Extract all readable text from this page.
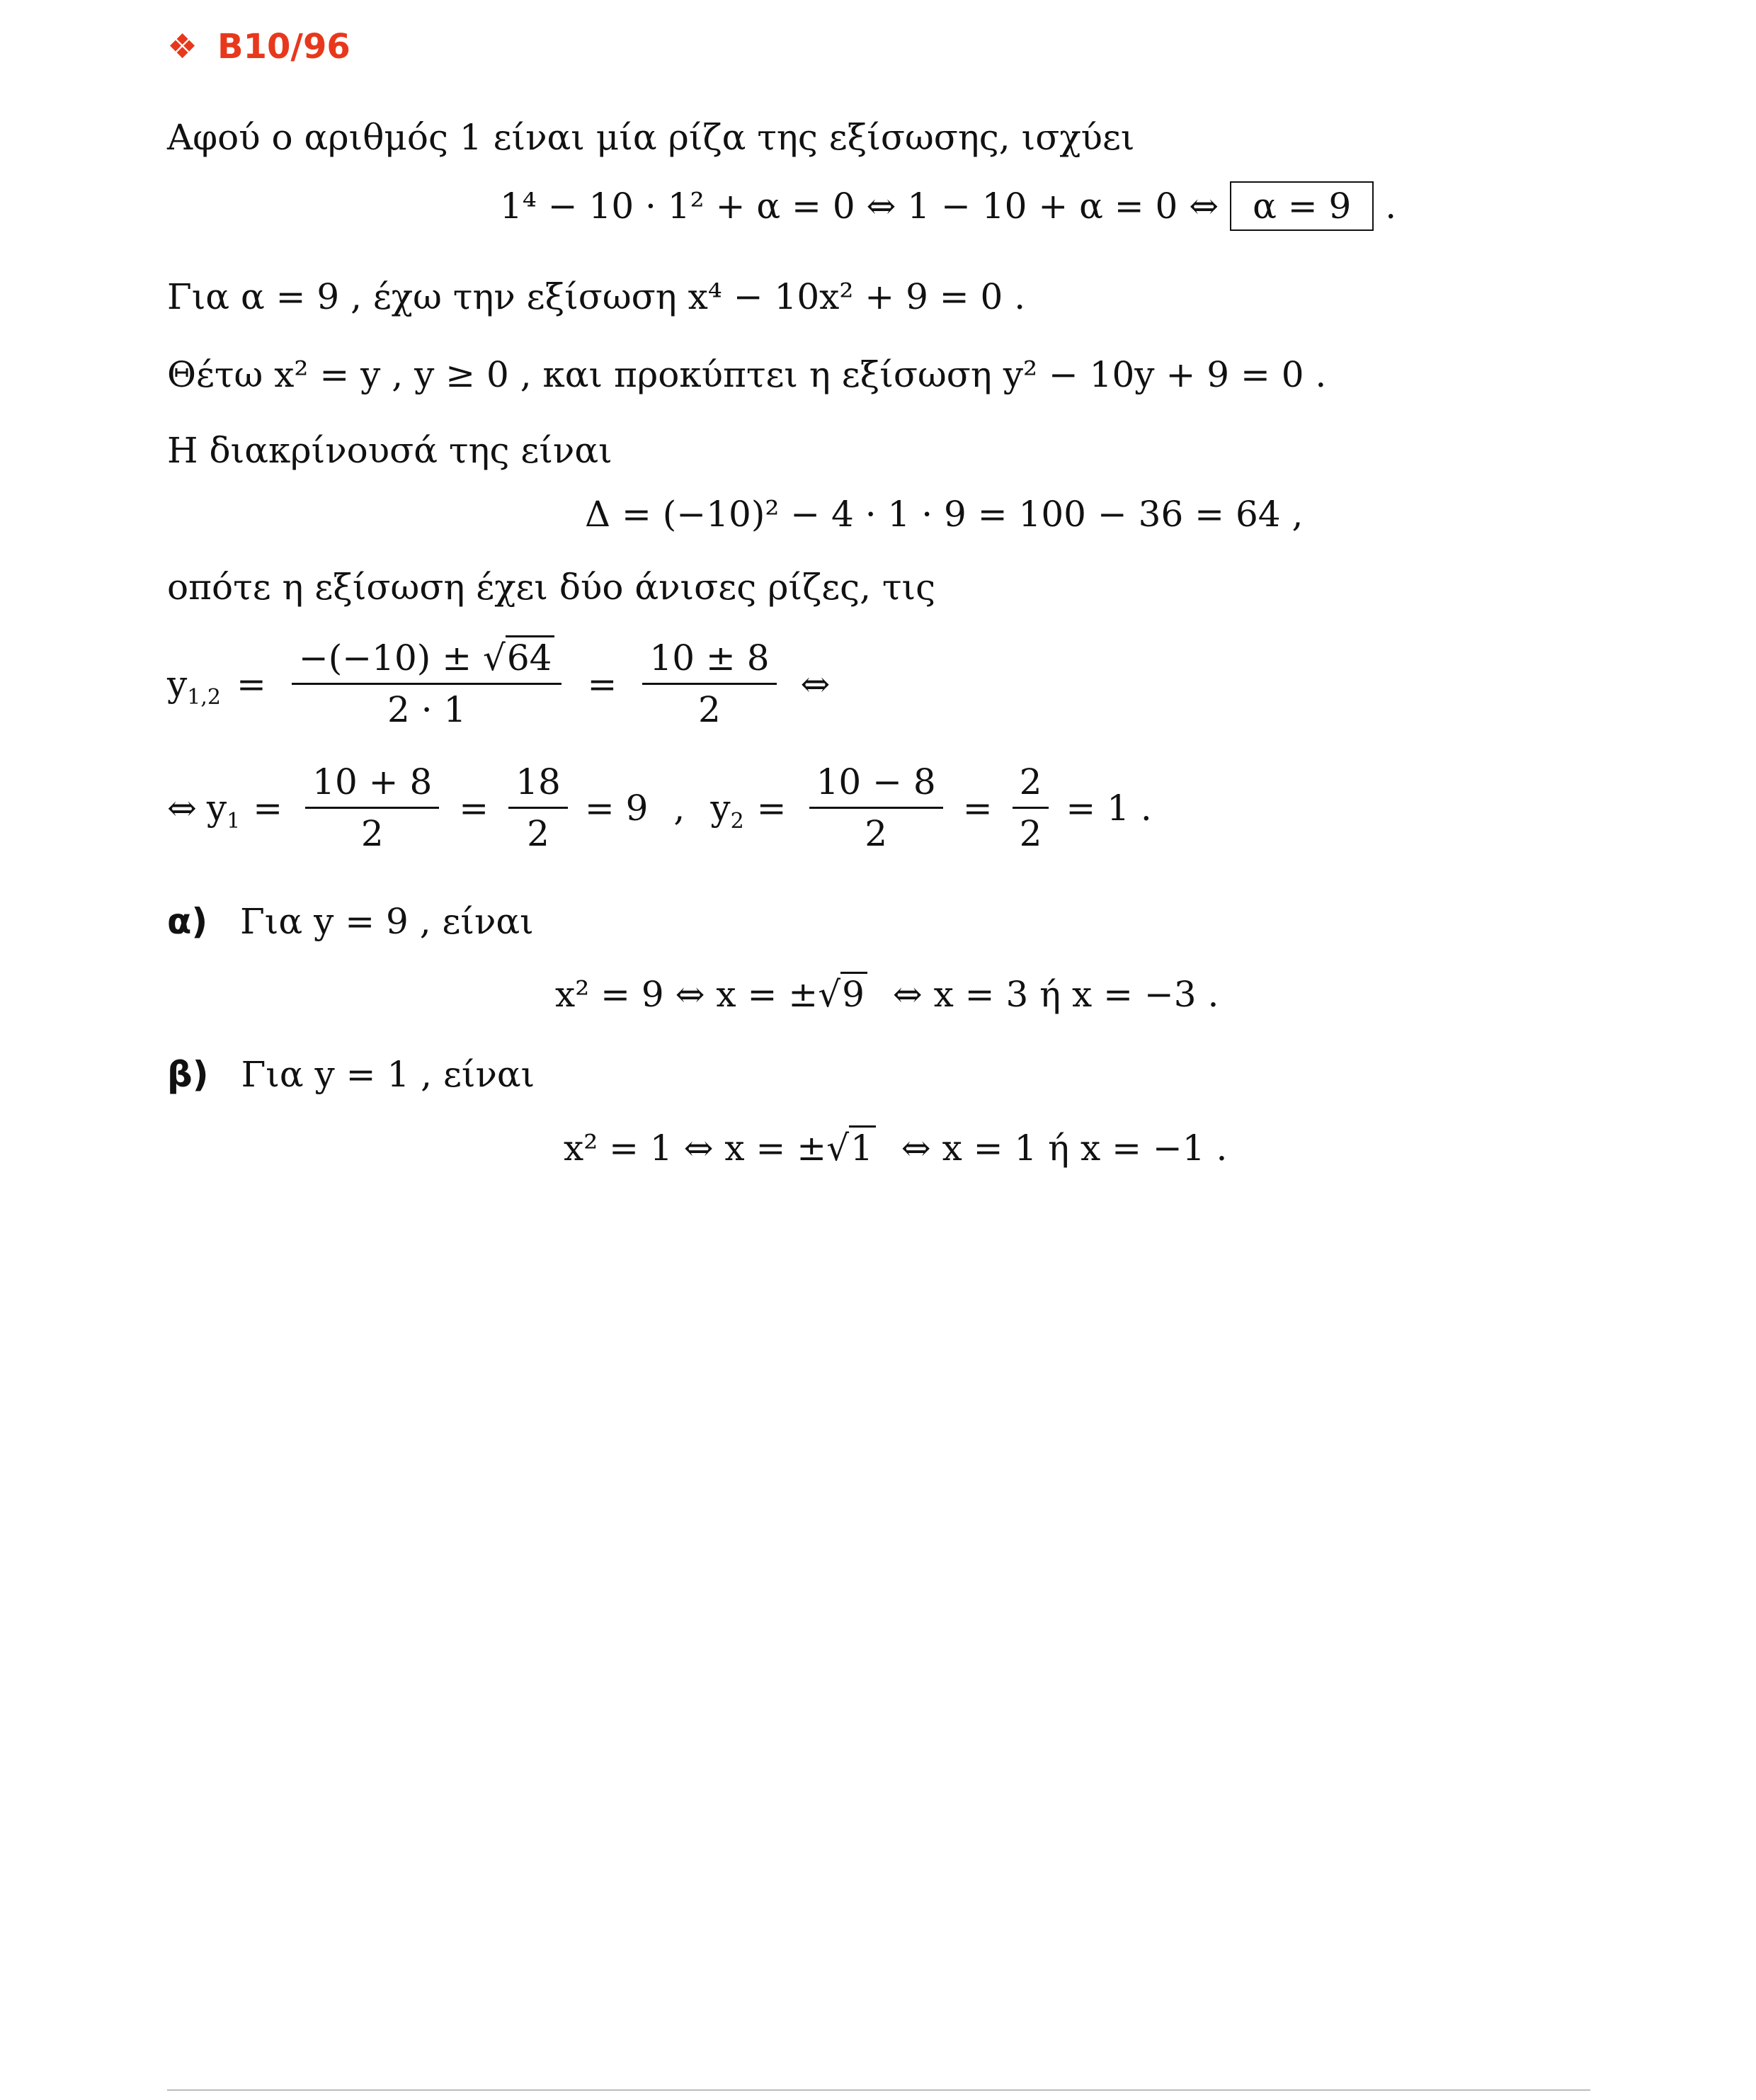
❖ Β10/96
Αφού ο αριθμός 1 είναι μία ρίζα της εξίσωσης, ισχύει
1⁴ − 10 · 1² + α = 0 ⇔ 1 − 10 + α = 0 ⇔ α = 9 .
Για α = 9 , έχω την εξίσωση x⁴ − 10x² + 9 = 0 .
Θέτω x² = y , y ≥ 0 , και προκύπτει η εξίσωση y² − 10y + 9 = 0 .
Η διακρίνουσά της είναι
Δ = (−10)² − 4 · 1 · 9 = 100 − 36 = 64 ,
οπότε η εξίσωση έχει δύο άνισες ρίζες, τις
$y_{1,2} = \frac{-(-10) \pm √64}{2 \cdot 1} = \frac{10 \pm 8}{2}$ ⇔
⇔ $y_1 = \frac{10 + 8}{2} = \frac{18}{2} = 9$ , $y_2 = \frac{10 - 8}{2} = \frac{2}{2} = 1$ .
α) Για y = 9 , είναι
x² = 9 ⇔ x = ±√9 ⇔ x = 3 ή x = −3 .
β) Για y = 1 , είναι
x² = 1 ⇔ x = ±√1 ⇔ x = 1 ή x = −1 .
